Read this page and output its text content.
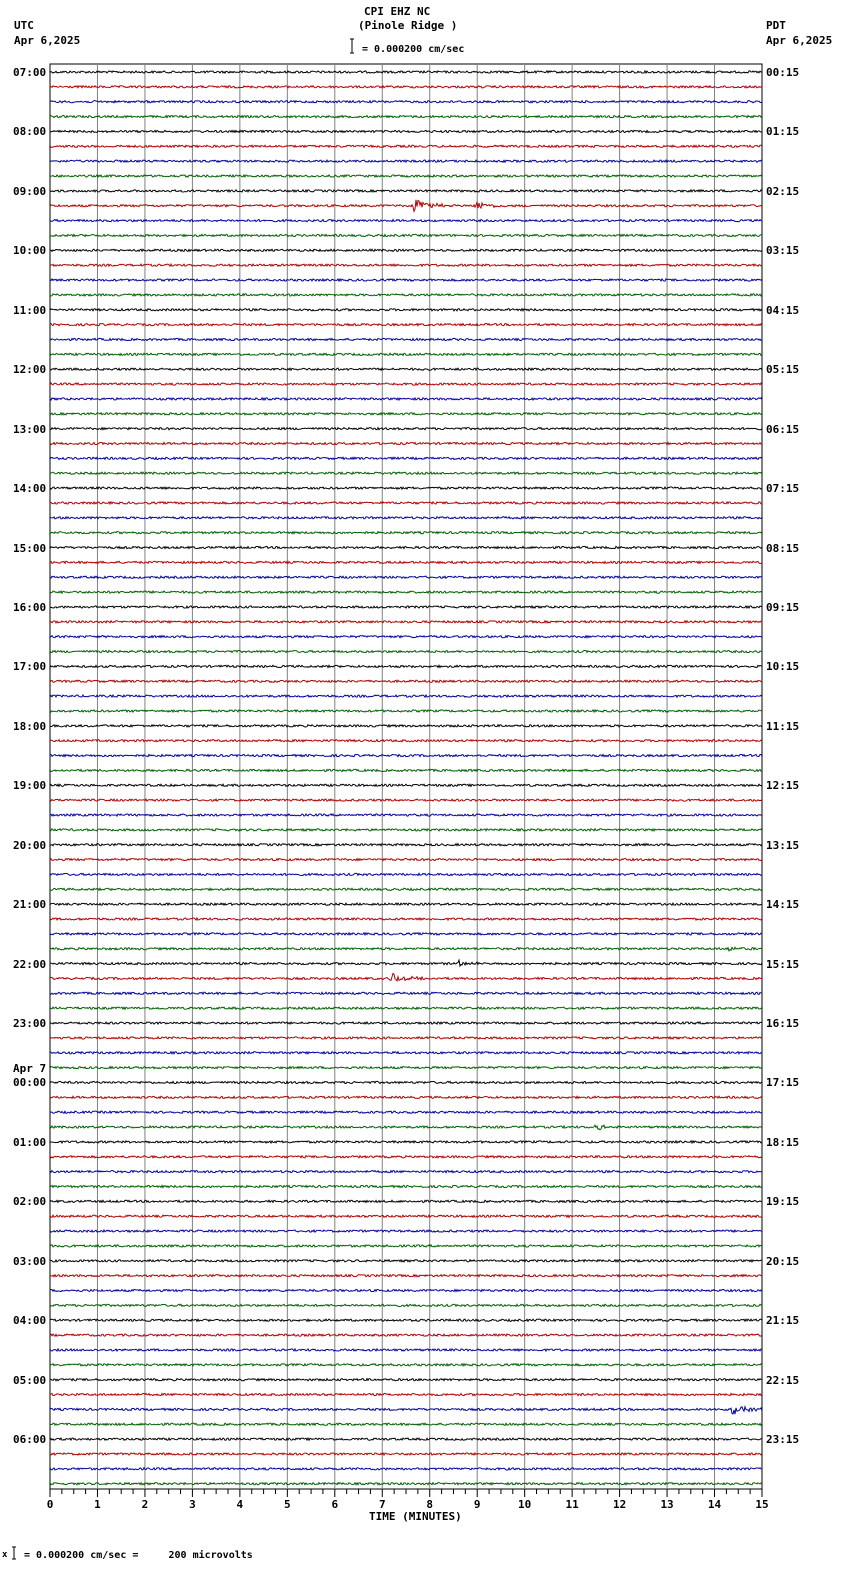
0	1	2	3	4	5	6	7	8	9	10	11	12	13	14	15
CPI EHZ NC
(Pinole Ridge )
UTC
Apr 6,2025
PDT
Apr 6,2025
= 0.000200 cm/sec
TIME (MINUTES)
x = 0.000200 cm/sec =     200 microvolts
07:00	00:15
08:00	01:15
09:00	02:15
10:00	03:15
11:00	04:15
12:00	05:15
13:00	06:15
14:00	07:15
15:00	08:15
16:00	09:15
17:00	10:15
18:00	11:15
19:00	12:15
20:00	13:15
21:00	14:15
22:00	15:15
23:00	16:15
00:00	17:15
01:00	18:15
02:00	19:15
03:00	20:15
04:00	21:15
05:00	22:15
06:00	23:15
Apr 7
